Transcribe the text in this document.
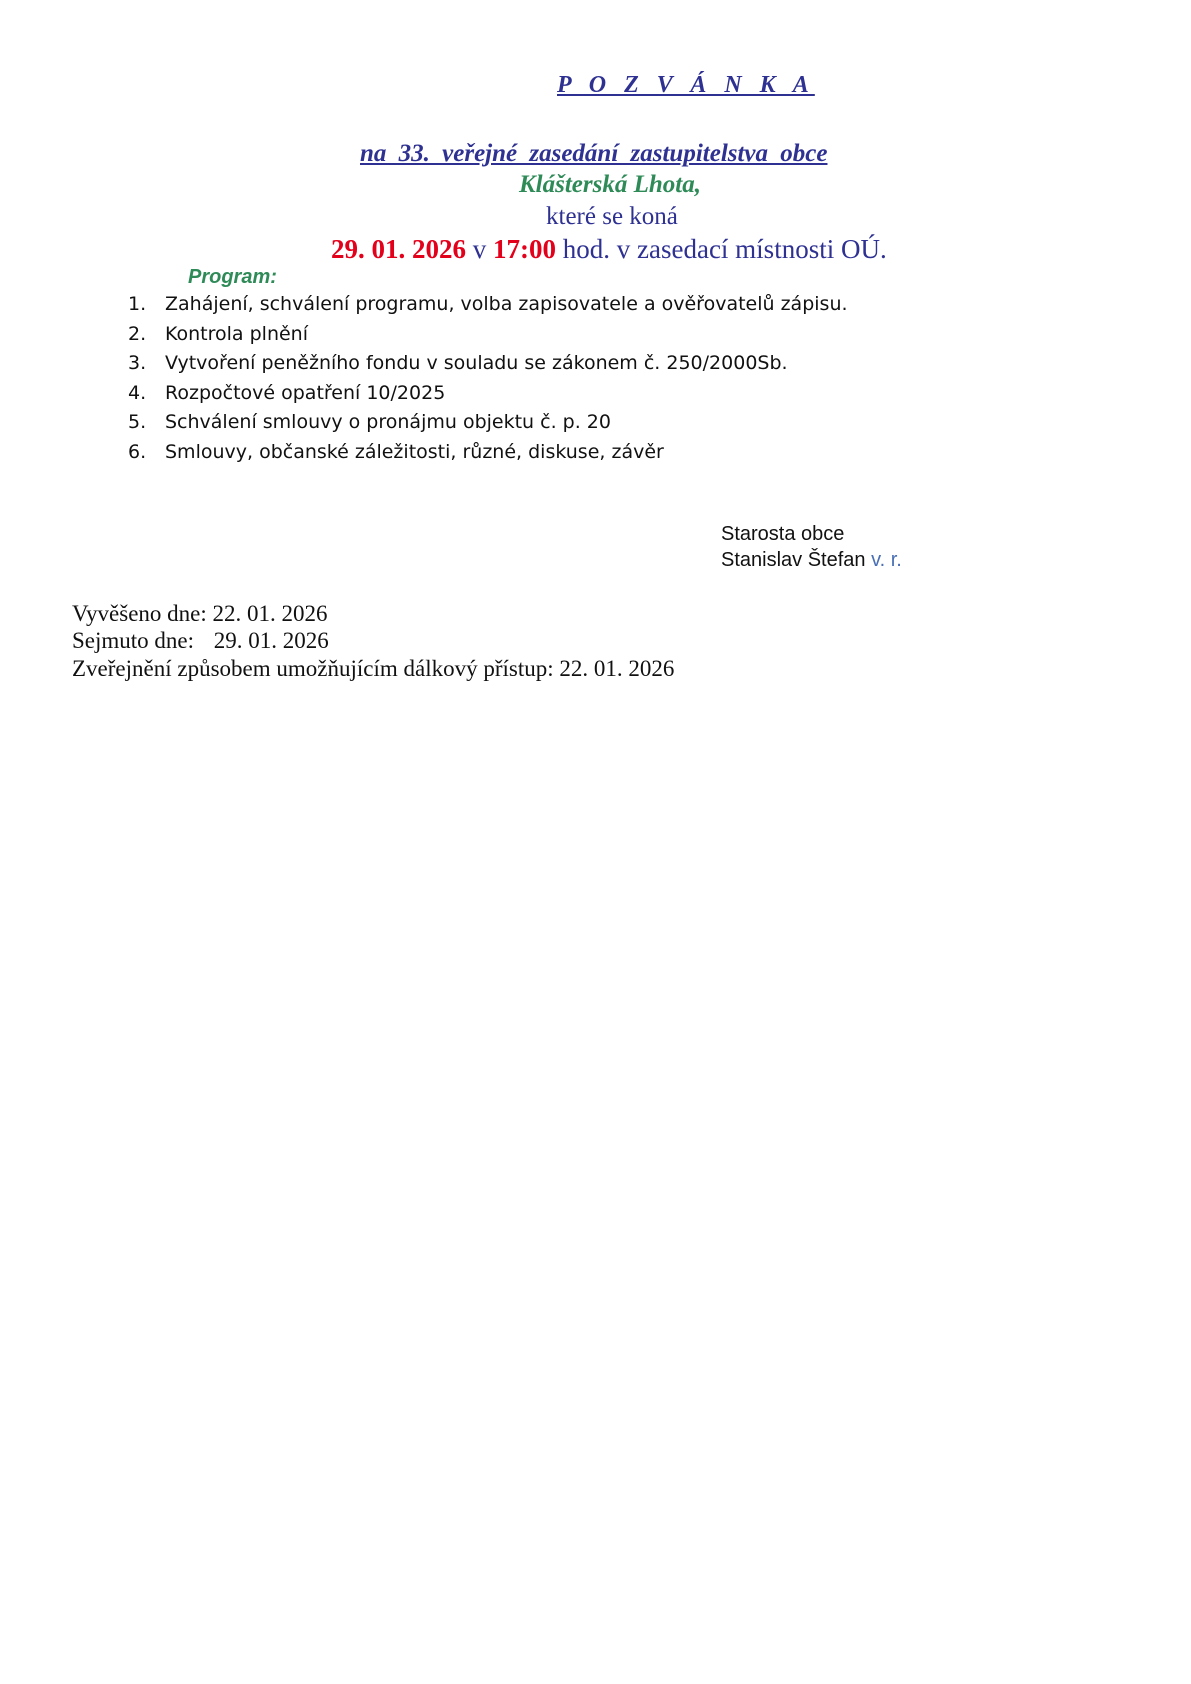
P O Z V Á N K A
na 33. veřejné zasedání zastupitelstva obce
Klášterská Lhota,
které se koná
29. 01. 2026 v 17:00 hod. v zasedací místnosti OÚ.
Program:
1. Zahájení, schválení programu, volba zapisovatele a ověřovatelů zápisu.
2. Kontrola plnění
3. Vytvoření peněžního fondu v souladu se zákonem č. 250/2000Sb.
4. Rozpočtové opatření 10/2025
5. Schválení smlouvy o pronájmu objektu č. p. 20
6. Smlouvy, občanské záležitosti, různé, diskuse, závěr
Starosta obce
Stanislav Štefan v. r.
Vyvěšeno dne: 22. 01. 2026
Sejmuto dne: 29. 01. 2026
Zveřejnění způsobem umožňujícím dálkový přístup: 22. 01. 2026
